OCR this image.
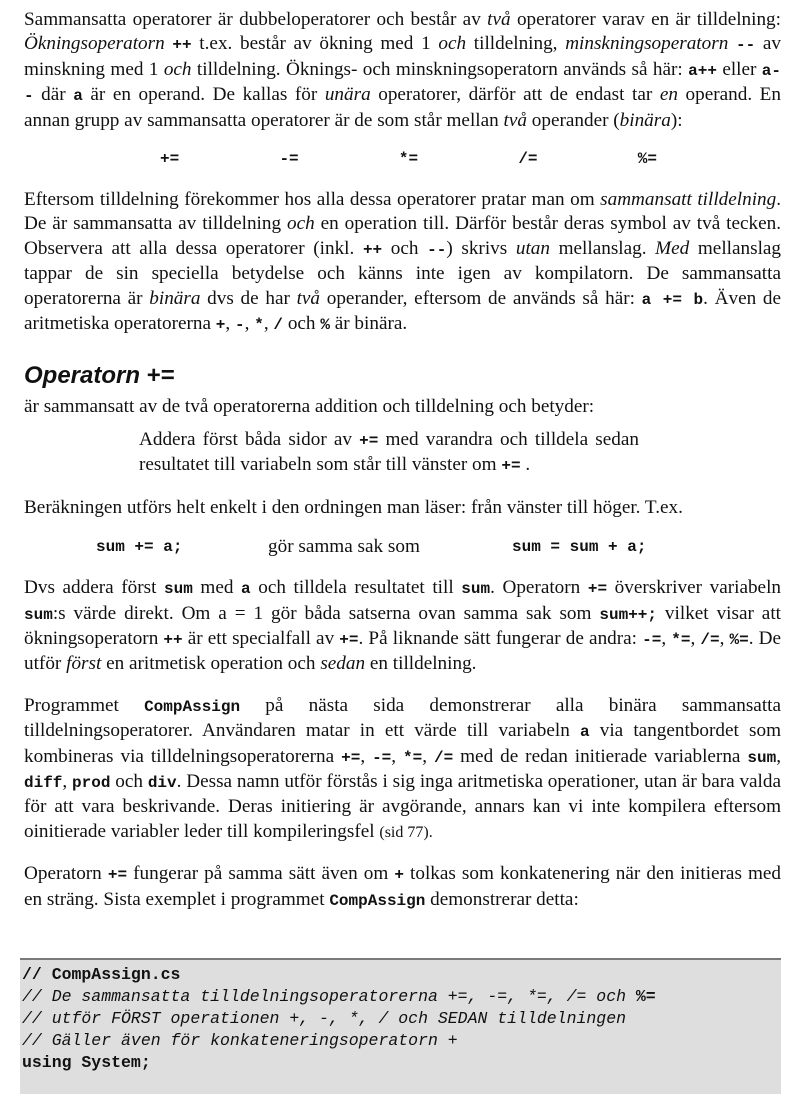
Sammansatta operatorer är dubbeloperatorer och består av två operatorer varav en är tilldelning: Ökningsoperatorn ++ t.ex. består av ökning med 1 och tilldelning, minskningsoperatorn -- av minskning med 1 och tilldelning. Öknings- och minskningsoperatorn används så här: a++ eller a-- där a är en operand. De kallas för unära operatorer, därför att de endast tar en operand. En annan grupp av sammansatta operatorer är de som står mellan två operander (binära):

+=	-=	*=	/=	%=

Eftersom tilldelning förekommer hos alla dessa operatorer pratar man om sammansatt tilldelning. De är sammansatta av tilldelning och en operation till. Därför består deras symbol av två tecken. Observera att alla dessa operatorer (inkl. ++ och --) skrivs utan mellanslag. Med mellanslag tappar de sin speciella betydelse och känns inte igen av kompilatorn. De sammansatta operatorerna är binära dvs de har två operander, eftersom de används så här: a += b. Även de aritmetiska operatorerna +, -, *, / och % är binära.

Operatorn +=

är sammansatt av de två operatorerna addition och tilldelning och betyder:

Addera först båda sidor av += med varandra och tilldela sedan resultatet till variabeln som står till vänster om += .

Beräkningen utförs helt enkelt i den ordningen man läser: från vänster till höger. T.ex.

sum += a;	gör samma sak som	sum = sum + a;

Dvs addera först sum med a och tilldela resultatet till sum. Operatorn += överskriver variabeln sum:s värde direkt. Om a = 1 gör båda satserna ovan samma sak som sum++; vilket visar att ökningsoperatorn ++ är ett specialfall av +=. På liknande sätt fungerar de andra: -=, *=, /=, %=. De utför först en aritmetisk operation och sedan en tilldelning.

Programmet CompAssign på nästa sida demonstrerar alla binära sammansatta tilldelningsoperatorer. Användaren matar in ett värde till variabeln a via tangentbordet som kombineras via tilldelningsoperatorerna +=, -=, *=, /= med de redan initierade variablerna sum, diff, prod och div. Dessa namn utför förstås i sig inga aritmetiska operationer, utan är bara valda för att vara beskrivande. Deras initiering är avgörande, annars kan vi inte kompilera eftersom oinitierade variabler leder till kompileringsfel (sid 77).

Operatorn += fungerar på samma sätt även om + tolkas som konkatenering när den initieras med en sträng. Sista exemplet i programmet CompAssign demonstrerar detta:

// CompAssign.cs
// De sammansatta tilldelningsoperatorerna +=, -=, *=, /= och %=
// utför FÖRST operationen +, -, *, / och SEDAN tilldelningen
// Gäller även för konkateneringsoperatorn +
using System;
